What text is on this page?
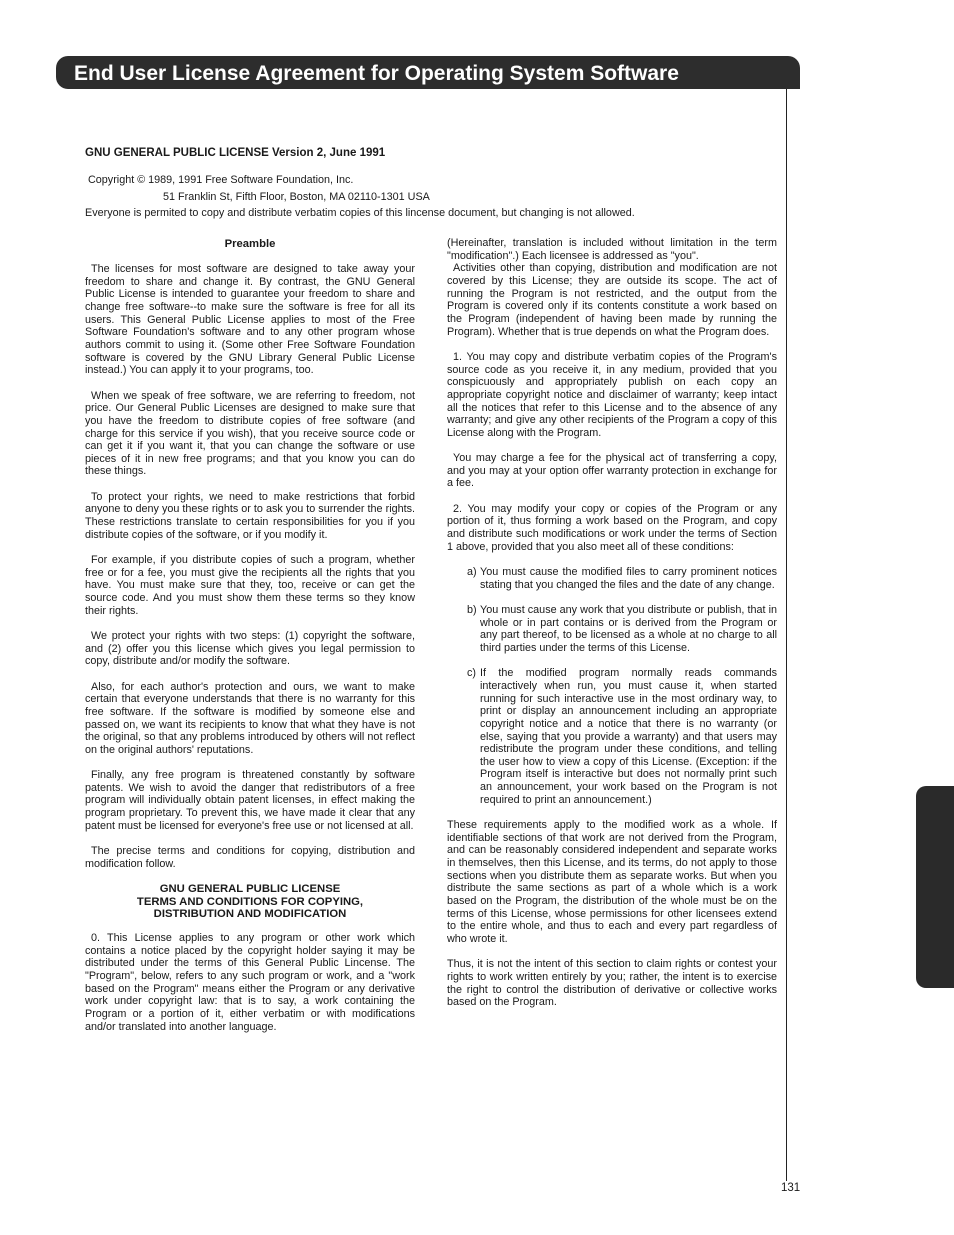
End User License Agreement for Operating System Software
GNU GENERAL PUBLIC LICENSE Version 2, June 1991

Copyright © 1989, 1991 Free Software Foundation, Inc.

51 Franklin St, Fifth Floor, Boston, MA 02110-1301 USA

Everyone is permited to copy and distribute verbatim copies of this lincense document, but changing is not allowed.

Preamble

The licenses for most software are designed to take away your freedom to share and change it. By contrast, the GNU General Public License is intended to guarantee your freedom to share and change free software--to make sure the software is free for all its users. This General Public License applies to most of the Free Software Foundation's software and to any other program whose authors commit to using it. (Some other Free Software Foundation software is covered by the GNU Library General Public License instead.) You can apply it to your programs, too.

When we speak of free software, we are referring to freedom, not price. Our General Public Licenses are designed to make sure that you have the freedom to distribute copies of free software (and charge for this service if you wish), that you receive source code or can get it if you want it, that you can change the software or use pieces of it in new free programs; and that you know you can do these things.

To protect your rights, we need to make restrictions that forbid anyone to deny you these rights or to ask you to surrender the rights. These restrictions translate to certain responsibilities for you if you distribute copies of the software, or if you modify it.

For example, if you distribute copies of such a program, whether free or for a fee, you must give the recipients all the rights that you have. You must make sure that they, too, receive or can get the source code. And you must show them these terms so they know their rights.

We protect your rights with two steps: (1) copyright the software, and (2) offer you this license which gives you legal permission to copy, distribute and/or modify the software.

Also, for each author's protection and ours, we want to make certain that everyone understands that there is no warranty for this free software. If the software is modified by someone else and passed on, we want its recipients to know that what they have is not the original, so that any problems introduced by others will not reflect on the original authors' reputations.

Finally, any free program is threatened constantly by software patents. We wish to avoid the danger that redistributors of a free program will individually obtain patent licenses, in effect making the program proprietary. To prevent this, we have made it clear that any patent must be licensed for everyone's free use or not licensed at all.

The precise terms and conditions for copying, distribution and modification follow.

GNU GENERAL PUBLIC LICENSE
TERMS AND CONDITIONS FOR COPYING,
DISTRIBUTION AND MODIFICATION

0. This License applies to any program or other work which contains a notice placed by the copyright holder saying it may be distributed under the terms of this General Public Lincense. The "Program", below, refers to any such program or work, and a "work based on the Program" means either the Program or any derivative work under copyright law: that is to say, a work containing the Program or a portion of it, either verbatim or with modifications and/or translated into another language.

(Hereinafter, translation is included without limitation in the term "modification".) Each licensee is addressed as "you".

Activities other than copying, distribution and modification are not covered by this License; they are outside its scope. The act of running the Program is not restricted, and the output from the Program is covered only if its contents constitute a work based on the Program (independent of having been made by running the Program). Whether that is true depends on what the Program does.

1. You may copy and distribute verbatim copies of the Program's source code as you receive it, in any medium, provided that you conspicuously and appropriately publish on each copy an appropriate copyright notice and disclaimer of warranty; keep intact all the notices that refer to this License and to the absence of any warranty; and give any other recipients of the Program a copy of this License along with the Program.

You may charge a fee for the physical act of transferring a copy, and you may at your option offer warranty protection in exchange for a fee.

2. You may modify your copy or copies of the Program or any portion of it, thus forming a work based on the Program, and copy and distribute such modifications or work under the terms of Section 1 above, provided that you also meet all of these conditions:

a) You must cause the modified files to carry prominent notices stating that you changed the files and the date of any change.
b) You must cause any work that you distribute or publish, that in whole or in part contains or is derived from the Program or any part thereof, to be licensed as a whole at no charge to all third parties under the terms of this License.
c) If the modified program normally reads commands interactively when run, you must cause it, when started running for such interactive use in the most ordinary way, to print or display an announcement including an appropriate copyright notice and a notice that there is no warranty (or else, saying that you provide a warranty) and that users may redistribute the program under these conditions, and telling the user how to view a copy of this License. (Exception: if the Program itself is interactive but does not normally print such an announcement, your work based on the Program is not required to print an announcement.)

These requirements apply to the modified work as a whole. If identifiable sections of that work are not derived from the Program, and can be reasonably considered independent and separate works in themselves, then this License, and its terms, do not apply to those sections when you distribute them as separate works. But when you distribute the same sections as part of a whole which is a work based on the Program, the distribution of the whole must be on the terms of this License, whose permissions for other licensees extend to the entire whole, and thus to each and every part regardless of who wrote it.

Thus, it is not the intent of this section to claim rights or contest your rights to work written entirely by you; rather, the intent is to exercise the right to control the distribution of derivative or collective works based on the Program.

131
